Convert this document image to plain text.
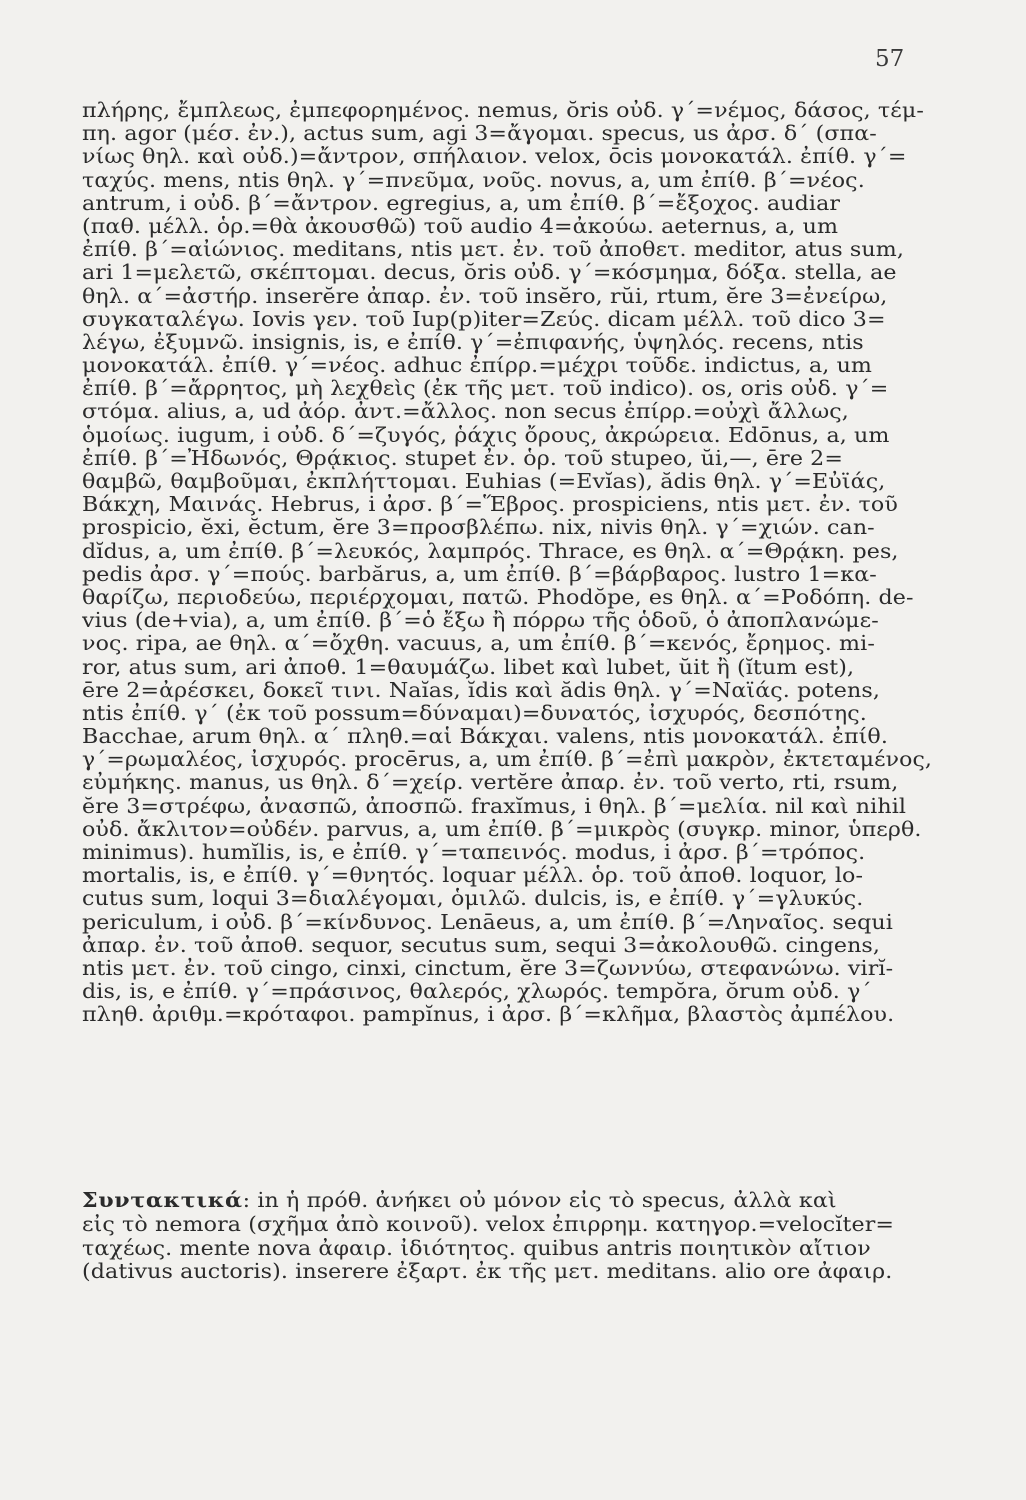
57

πλήρης, ἔμπλεως, ἐμπεφορημένος. nemus, ŏris οὐδ. γ΄=νέμος, δάσος, τέμ-
πη. agor (μέσ. ἐν.), actus sum, agi 3=ἄγομαι. specus, us ἀρσ. δ΄ (σπα-
νίως θηλ. καὶ οὐδ.)=ἄντρον, σπήλαιον. velox, ōcis μονοκατάλ. ἐπίθ. γ΄=
ταχύς. mens, ntis θηλ. γ΄=πνεῦμα, νοῦς. novus, a, um ἐπίθ. β΄=νέος.
antrum, i οὐδ. β΄=ἄντρον. egregius, a, um ἐπίθ. β΄=ἔξοχος. audiar
(παθ. μέλλ. ὁρ.=θὰ ἀκουσθῶ) τοῦ audio 4=ἀκούω. aeternus, a, um
ἐπίθ. β΄=αἰώνιος. meditans, ntis μετ. ἐν. τοῦ ἀποθετ. meditor, atus sum,
ari 1=μελετῶ, σκέπτομαι. decus, ŏris οὐδ. γ΄=κόσμημα, δόξα. stella, ae
θηλ. α΄=ἀστήρ. inserĕre ἀπαρ. ἐν. τοῦ insĕro, rŭi, rtum, ĕre 3=ἐνείρω,
συγκαταλέγω. Iovis γεν. τοῦ Iup(p)iter=Ζεύς. dicam μέλλ. τοῦ dico 3=
λέγω, ἐξυμνῶ. insignis, is, e ἐπίθ. γ΄=ἐπιφανής, ὑψηλός. recens, ntis
μονοκατάλ. ἐπίθ. γ΄=νέος. adhuc ἐπίρρ.=μέχρι τοῦδε. indictus, a, um
ἐπίθ. β΄=ἄρρητος, μὴ λεχθεὶς (ἐκ τῆς μετ. τοῦ indico). os, oris οὐδ. γ΄=
στόμα. alius, a, ud ἀόρ. ἀντ.=ἄλλος. non secus ἐπίρρ.=οὐχὶ ἄλλως,
ὁμοίως. iugum, i οὐδ. δ΄=ζυγός, ῥάχις ὄρους, ἀκρώρεια. Edōnus, a, um
ἐπίθ. β΄=Ἠδωνός, Θρᾴκιος. stupet ἐν. ὁρ. τοῦ stupeo, ŭi,—, ēre 2=
θαμβῶ, θαμβοῦμαι, ἐκπλήττομαι. Euhias (=Evĭas), ădis θηλ. γ΄=Εὐϊάς,
Βάκχη, Μαινάς. Hebrus, i ἀρσ. β΄=Ἕβρος. prospiciens, ntis μετ. ἐν. τοῦ
prospicio, ĕxi, ĕctum, ĕre 3=προσβλέπω. nix, nivis θηλ. γ΄=χιών. can-
dĭdus, a, um ἐπίθ. β΄=λευκός, λαμπρός. Thrace, es θηλ. α΄=Θρᾴκη. pes,
pedis ἀρσ. γ΄=πούς. barbărus, a, um ἐπίθ. β΄=βάρβαρος. lustro 1=κα-
θαρίζω, περιοδεύω, περιέρχομαι, πατῶ. Phodŏpe, es θηλ. α΄=Ροδόπη. de-
vius (de+via), a, um ἐπίθ. β΄=ὁ ἔξω ἢ πόρρω τῆς ὁδοῦ, ὁ ἀποπλανώμε-
νος. ripa, ae θηλ. α΄=ὄχθη. vacuus, a, um ἐπίθ. β΄=κενός, ἔρημος. mi-
ror, atus sum, ari ἀποθ. 1=θαυμάζω. libet καὶ lubet, ŭit ἢ (ĭtum est),
ēre 2=ἀρέσκει, δοκεῖ τινι. Naĭas, ĭdis καὶ ădis θηλ. γ΄=Ναϊάς. potens,
ntis ἐπίθ. γ΄ (ἐκ τοῦ possum=δύναμαι)=δυνατός, ἰσχυρός, δεσπότης.
Bacchae, arum θηλ. α΄ πληθ.=αἱ Βάκχαι. valens, ntis μονοκατάλ. ἐπίθ.
γ΄=ρωμαλέος, ἰσχυρός. procērus, a, um ἐπίθ. β΄=ἐπὶ μακρὸν, ἐκτεταμένος,
εὐμήκης. manus, us θηλ. δ΄=χείρ. vertĕre ἀπαρ. ἐν. τοῦ verto, rti, rsum,
ĕre 3=στρέφω, ἀνασπῶ, ἀποσπῶ. fraxĭmus, i θηλ. β΄=μελία. nil καὶ nihil
οὐδ. ἄκλιτον=οὐδέν. parvus, a, um ἐπίθ. β΄=μικρὸς (συγκρ. minor, ὑπερθ.
minimus). humĭlis, is, e ἐπίθ. γ΄=ταπεινός. modus, i ἀρσ. β΄=τρόπος.
mortalis, is, e ἐπίθ. γ΄=θνητός. loquar μέλλ. ὁρ. τοῦ ἀποθ. loquor, lo-
cutus sum, loqui 3=διαλέγομαι, ὁμιλῶ. dulcis, is, e ἐπίθ. γ΄=γλυκύς.
periculum, i οὐδ. β΄=κίνδυνος. Lenāeus, a, um ἐπίθ. β΄=Ληναῖος. sequi
ἀπαρ. ἐν. τοῦ ἀποθ. sequor, secutus sum, sequi 3=ἀκολουθῶ. cingens,
ntis μετ. ἐν. τοῦ cingo, cinxi, cinctum, ĕre 3=ζωννύω, στεφανώνω. virĭ-
dis, is, e ἐπίθ. γ΄=πράσινος, θαλερός, χλωρός. tempŏra, ŏrum οὐδ. γ΄
πληθ. ἀριθμ.=κρόταφοι. pampĭnus, i ἀρσ. β΄=κλῆμα, βλαστὸς ἀμπέλου.
Συντακτικά: in ἡ πρόθ. ἀνήκει οὐ μόνον εἰς τὸ specus, ἀλλὰ καὶ
εἰς τὸ nemora (σχῆμα ἀπὸ κοινοῦ). velox ἐπιρρημ. κατηγορ.=velocĭter=
ταχέως. mente nova ἀφαιρ. ἰδιότητος. quibus antris ποιητικὸν αἴτιον
(dativus auctoris). inserere ἐξαρτ. ἐκ τῆς μετ. meditans. alio ore ἀφαιρ.
